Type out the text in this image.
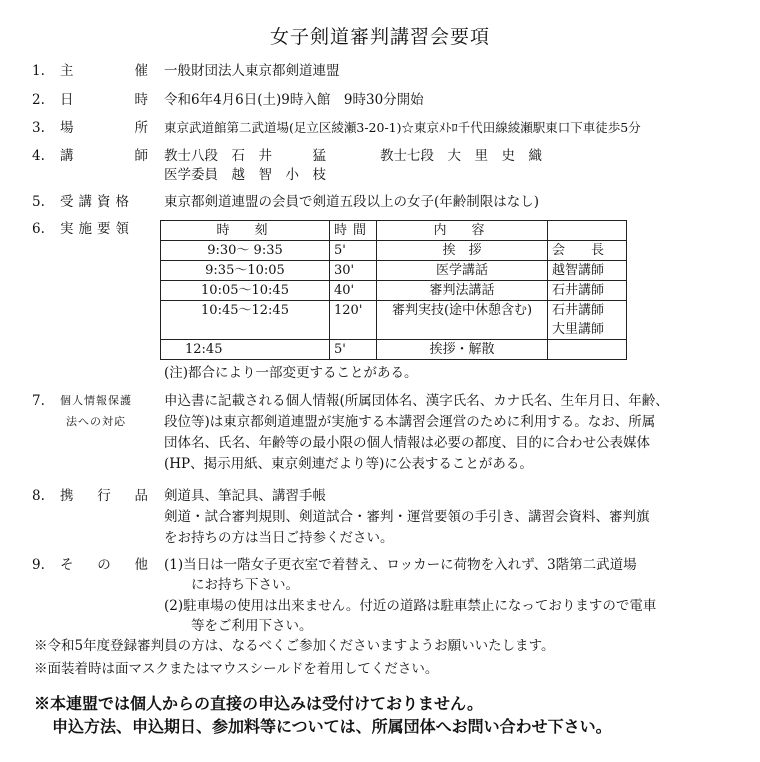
女子剣道審判講習会要項
1. 主	催 一般財団法人東京都剣道連盟
2. 日	時 令和6年4月6日(土)9時入館　9時30分開始
3. 場	所 東京武道館第二武道場(足立区綾瀬3-20-1)☆東京ﾒﾄﾛ千代田線綾瀬駅東口下車徒歩5分
4. 講	師 教士八段　石　井　　　猛　　　　教士七段　大　里　史　織
医学委員　越　智　小　枝
5. 受講資格 東京都剣道連盟の会員で剣道五段以上の女子(年齢制限はなし)
6. 実施要領	時　刻	時間	内　容	
9:30〜 9:35	5'	挨　拶	会　　長

9:35〜10:05	30'	医学講話	越智講師

10:05〜10:45	40'	審判法講話	石井講師

10:45〜12:45	120'	審判実技(途中休憩含む)	石井講師
大里講師

12:45	5'	挨拶・解散	
(注)都合により一部変更することがある。
7. 個人情報保護
法への対応
申込書に記載される個人情報(所属団体名、漢字氏名、カナ氏名、生年月日、年齢、
段位等)は東京都剣道連盟が実施する本講習会運営のために利用する。なお、所属
団体名、氏名、年齢等の最小限の個人情報は必要の都度、目的に合わせ公表媒体
(HP、掲示用紙、東京剣連だより等)に公表することがある。
8. 携 行 品 剣道具、筆記具、講習手帳
剣道・試合審判規則、剣道試合・審判・運営要領の手引き、講習会資料、審判旗
をお持ちの方は当日ご持参ください。
9. そ の 他 (1)当日は一階女子更衣室で着替え、ロッカーに荷物を入れず、3階第二武道場
　　にお持ち下さい。
(2)駐車場の使用は出来ません。付近の道路は駐車禁止になっておりますので電車
　　等をご利用下さい。
※令和5年度登録審判員の方は、なるべくご参加くださいますようお願いいたします。
※面装着時は面マスクまたはマウスシールドを着用してください。
※本連盟では個人からの直接の申込みは受付けておりません。
申込方法、申込期日、参加料等については、所属団体へお問い合わせ下さい。
